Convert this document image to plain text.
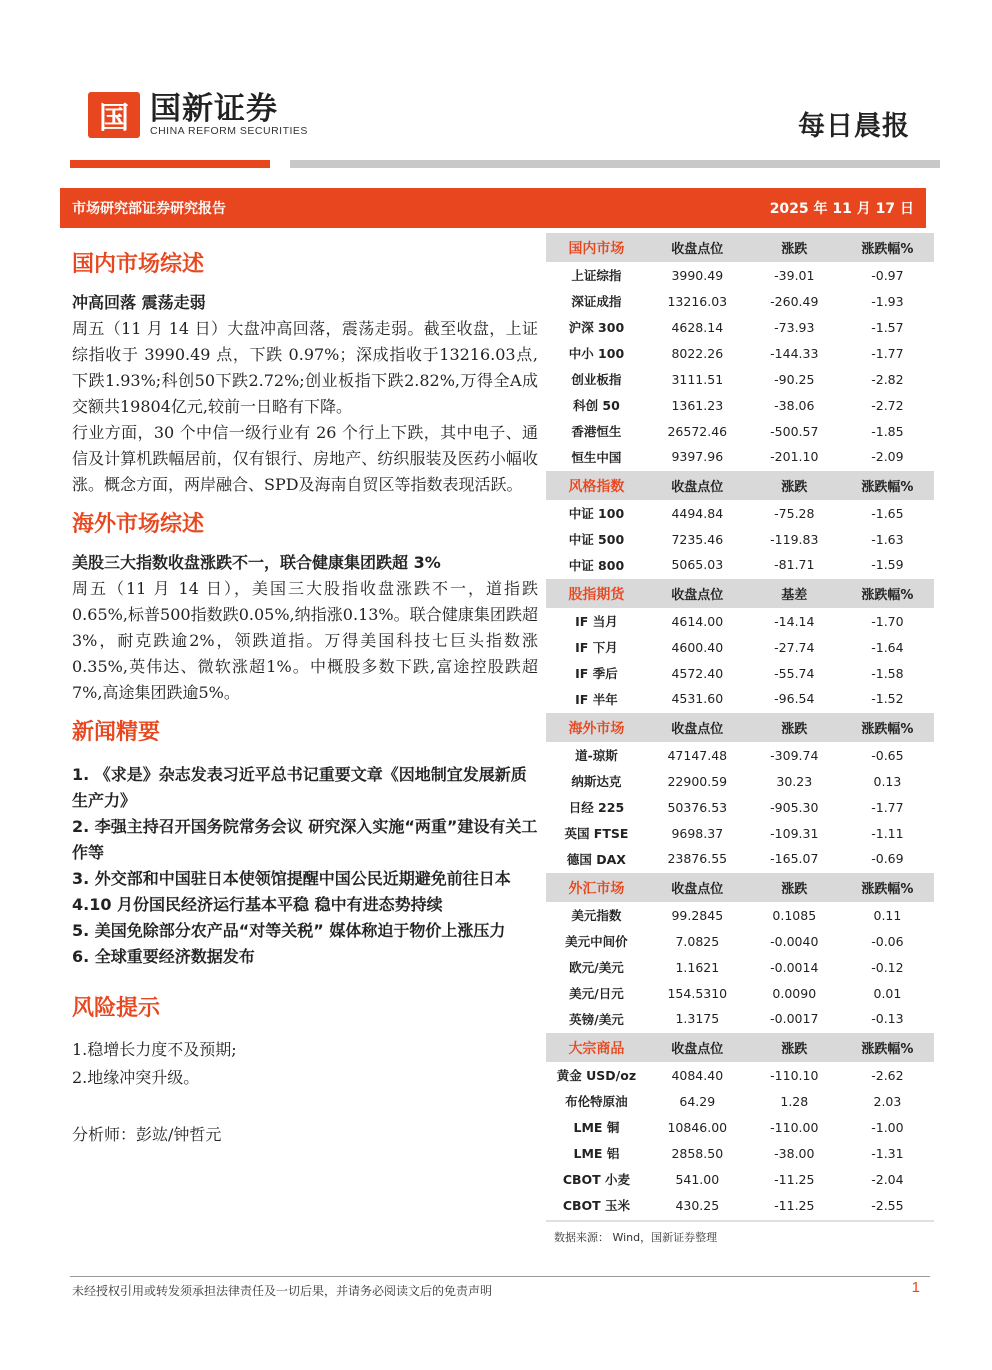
国 国新证券
CHINA REFORM SECURITIES	每日晨报
市场研究部证券研究报告	2025 年 11 月 17 日
国内市场综述
冲高回落 震荡走弱

周五（11 月 14 日）大盘冲高回落，震荡走弱。截至收盘，上证综指收于 3990.49 点，下跌 0.97%；深成指收于13216.03点,下跌1.93%;科创50下跌2.72%;创业板指下跌2.82%,万得全A成交额共19804亿元,较前一日略有下降。

行业方面，30 个中信一级行业有 26 个行上下跌，其中电子、通信及计算机跌幅居前，仅有银行、房地产、纺织服装及医药小幅收涨。概念方面，两岸融合、SPD及海南自贸区等指数表现活跃。

海外市场综述
美股三大指数收盘涨跌不一，联合健康集团跌超 3%

周五（11 月 14 日），美国三大股指收盘涨跌不一，道指跌0.65%,标普500指数跌0.05%,纳指涨0.13%。联合健康集团跌超3%，耐克跌逾2%，领跌道指。万得美国科技七巨头指数涨0.35%,英伟达、微软涨超1%。中概股多数下跌,富途控股跌超7%,高途集团跌逾5%。

新闻精要
1. 《求是》杂志发表习近平总书记重要文章《因地制宜发展新质生产力》
2. 李强主持召开国务院常务会议 研究深入实施“两重”建设有关工作等
3. 外交部和中国驻日本使领馆提醒中国公民近期避免前往日本
4.10 月份国民经济运行基本平稳 稳中有进态势持续
5. 美国免除部分农产品“对等关税” 媒体称迫于物价上涨压力
6. 全球重要经济数据发布
风险提示
1.稳增长力度不及预期;
2.地缘冲突升级。
分析师：彭竑/钟哲元
国内市场	收盘点位	涨跌	涨跌幅%
上证综指	3990.49	-39.01	-0.97
深证成指	13216.03	-260.49	-1.93
沪深 300	4628.14	-73.93	-1.57
中小 100	8022.26	-144.33	-1.77
创业板指	3111.51	-90.25	-2.82
科创 50	1361.23	-38.06	-2.72
香港恒生	26572.46	-500.57	-1.85
恒生中国	9397.96	-201.10	-2.09
风格指数	收盘点位	涨跌	涨跌幅%
中证 100	4494.84	-75.28	-1.65
中证 500	7235.46	-119.83	-1.63
中证 800	5065.03	-81.71	-1.59
股指期货	收盘点位	基差	涨跌幅%
IF 当月	4614.00	-14.14	-1.70
IF 下月	4600.40	-27.74	-1.64
IF 季后	4572.40	-55.74	-1.58
IF 半年	4531.60	-96.54	-1.52
海外市场	收盘点位	涨跌	涨跌幅%
道-琼斯	47147.48	-309.74	-0.65
纳斯达克	22900.59	30.23	0.13
日经 225	50376.53	-905.30	-1.77
英国 FTSE	9698.37	-109.31	-1.11
德国 DAX	23876.55	-165.07	-0.69
外汇市场	收盘点位	涨跌	涨跌幅%
美元指数	99.2845	0.1085	0.11
美元中间价	7.0825	-0.0040	-0.06
欧元/美元	1.1621	-0.0014	-0.12
美元/日元	154.5310	0.0090	0.01
英镑/美元	1.3175	-0.0017	-0.13
大宗商品	收盘点位	涨跌	涨跌幅%
黄金 USD/oz	4084.40	-110.10	-2.62
布伦特原油	64.29	1.28	2.03
LME 铜	10846.00	-110.00	-1.00
LME 铝	2858.50	-38.00	-1.31
CBOT 小麦	541.00	-11.25	-2.04
CBOT 玉米	430.25	-11.25	-2.55
数据来源： Wind，国新证券整理
未经授权引用或转发须承担法律责任及一切后果，并请务必阅读文后的免责声明	1
